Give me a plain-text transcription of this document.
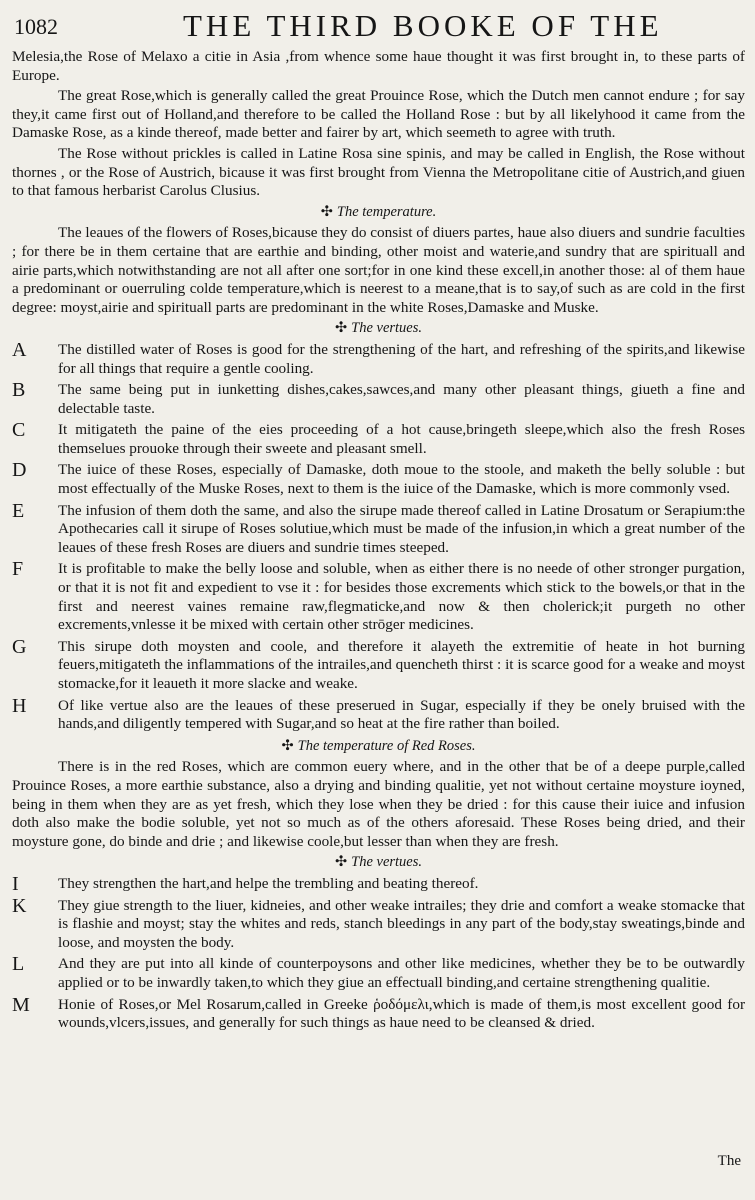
1082	THE THIRD BOOKE OF THE

Melesia,the Rose of Melaxo a citie in Asia ,from whence some haue thought it was first brought in, to these parts of Europe.

The great Rose,which is generally called the great Prouince Rose, which the Dutch men cannot endure ; for say they,it came first out of Holland,and therefore to be called the Holland Rose : but by all likelyhood it came from the Damaske Rose, as a kinde thereof, made better and fairer by art, which seemeth to agree with truth.

The Rose without prickles is called in Latine Rosa sine spinis, and may be called in English, the Rose without thornes , or the Rose of Austrich, bicause it was first brought from Vienna the Metropolitane citie of Austrich,and giuen to that famous herbarist Carolus Clusius.

✣ The temperature.

The leaues of the flowers of Roses,bicause they do consist of diuers partes, haue also diuers and sundrie faculties ; for there be in them certaine that are earthie and binding, other moist and waterie,and sundry that are spirituall and airie parts,which notwithstanding are not all after one sort;for in one kind these excell,in another those: al of them haue a predominant or ouerruling colde temperature,which is neerest to a meane,that is to say,of such as are cold in the first degree: moyst,airie and spirituall parts are predominant in the white Roses,Damaske and Muske.

✣ The vertues.
A The distilled water of Roses is good for the strengthening of the hart, and refreshing of the spirits,and likewise for all things that require a gentle cooling.
B The same being put in iunketting dishes,cakes,sawces,and many other pleasant things, giueth a fine and delectable taste.
C It mitigateth the paine of the eies proceeding of a hot cause,bringeth sleepe,which also the fresh Roses themselues prouoke through their sweete and pleasant smell.
D The iuice of these Roses, especially of Damaske, doth moue to the stoole, and maketh the belly soluble : but most effectually of the Muske Roses, next to them is the iuice of the Damaske, which is more commonly vsed.
E The infusion of them doth the same, and also the sirupe made thereof called in Latine Drosatum or Serapium:the Apothecaries call it sirupe of Roses solutiue,which must be made of the infusion,in which a great number of the leaues of these fresh Roses are diuers and sundrie times steeped.
F It is profitable to make the belly loose and soluble, when as either there is no neede of other stronger purgation, or that it is not fit and expedient to vse it : for besides those excrements which stick to the bowels,or that in the first and neerest vaines remaine raw,flegmaticke,and now & then cholerick;it purgeth no other excrements,vnlesse it be mixed with certain other strōger medicines.
G This sirupe doth moysten and coole, and therefore it alayeth the extremitie of heate in hot burning feuers,mitigateth the inflammations of the intrailes,and quencheth thirst : it is scarce good for a weake and moyst stomacke,for it leaueth it more slacke and weake.
H Of like vertue also are the leaues of these preserued in Sugar, especially if they be onely bruised with the hands,and diligently tempered with Sugar,and so heat at the fire rather than boiled.
✣ The temperature of Red Roses.

There is in the red Roses, which are common euery where, and in the other that be of a deepe purple,called Prouince Roses, a more earthie substance, also a drying and binding qualitie, yet not without certaine moysture ioyned, being in them when they are as yet fresh, which they lose when they be dried : for this cause their iuice and infusion doth also make the bodie soluble, yet not so much as of the others aforesaid. These Roses being dried, and their moysture gone, do binde and drie ; and likewise coole,but lesser than when they are fresh.

✣ The vertues.
I	They strengthen the hart,and helpe the trembling and beating thereof.
K They giue strength to the liuer, kidneies, and other weake intrailes; they drie and comfort a weake stomacke that is flashie and moyst; stay the whites and reds, stanch bleedings in any part of the body,stay sweatings,binde and loose, and moysten the body.
L And they are put into all kinde of counterpoysons and other like medicines, whether they be to be outwardly applied or to be inwardly taken,to which they giue an effectuall binding,and certaine strengthening qualitie.
M Honie of Roses,or Mel Rosarum,called in Greeke ῥοδόμελι,which is made of them,is most excellent good for wounds,vlcers,issues, and generally for such things as haue need to be cleansed & dried.
The
